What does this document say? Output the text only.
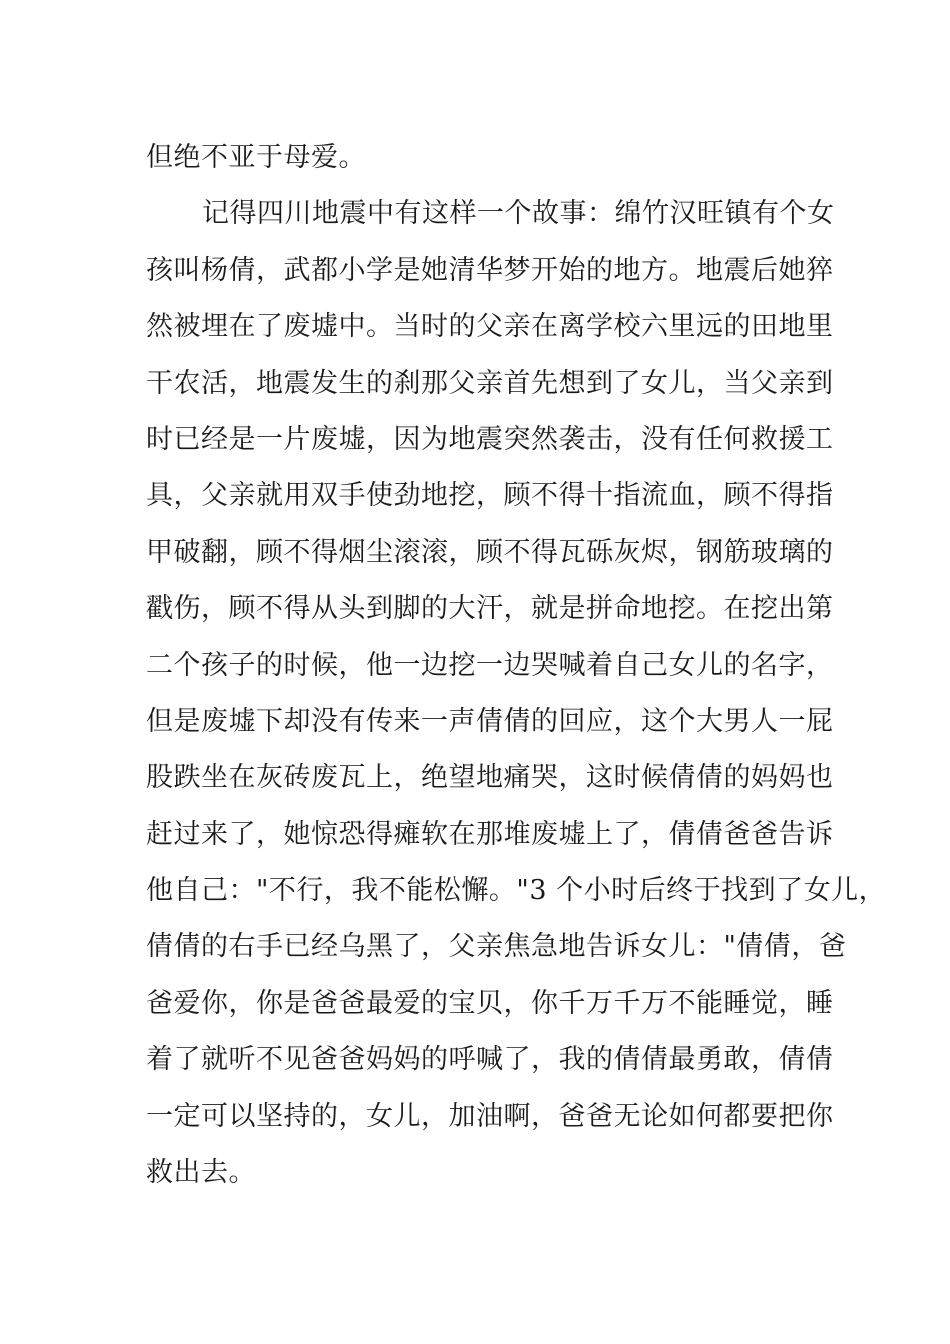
但绝不亚于母爱。
记得四川地震中有这样一个故事：绵竹汉旺镇有个女
孩叫杨倩，武都小学是她清华梦开始的地方。地震后她猝
然被埋在了废墟中。当时的父亲在离学校六里远的田地里
干农活，地震发生的刹那父亲首先想到了女儿，当父亲到
时已经是一片废墟，因为地震突然袭击，没有任何救援工
具，父亲就用双手使劲地挖，顾不得十指流血，顾不得指
甲破翻，顾不得烟尘滚滚，顾不得瓦砾灰烬，钢筋玻璃的
戳伤，顾不得从头到脚的大汗，就是拼命地挖。在挖出第
二个孩子的时候，他一边挖一边哭喊着自己女儿的名字，
但是废墟下却没有传来一声倩倩的回应，这个大男人一屁
股跌坐在灰砖废瓦上，绝望地痛哭，这时候倩倩的妈妈也
赶过来了，她惊恐得瘫软在那堆废墟上了，倩倩爸爸告诉
他自己："不行，我不能松懈。"3 个小时后终于找到了女儿，
倩倩的右手已经乌黑了，父亲焦急地告诉女儿："倩倩，爸
爸爱你，你是爸爸最爱的宝贝，你千万千万不能睡觉，睡
着了就听不见爸爸妈妈的呼喊了，我的倩倩最勇敢，倩倩
一定可以坚持的，女儿，加油啊，爸爸无论如何都要把你
救出去。
